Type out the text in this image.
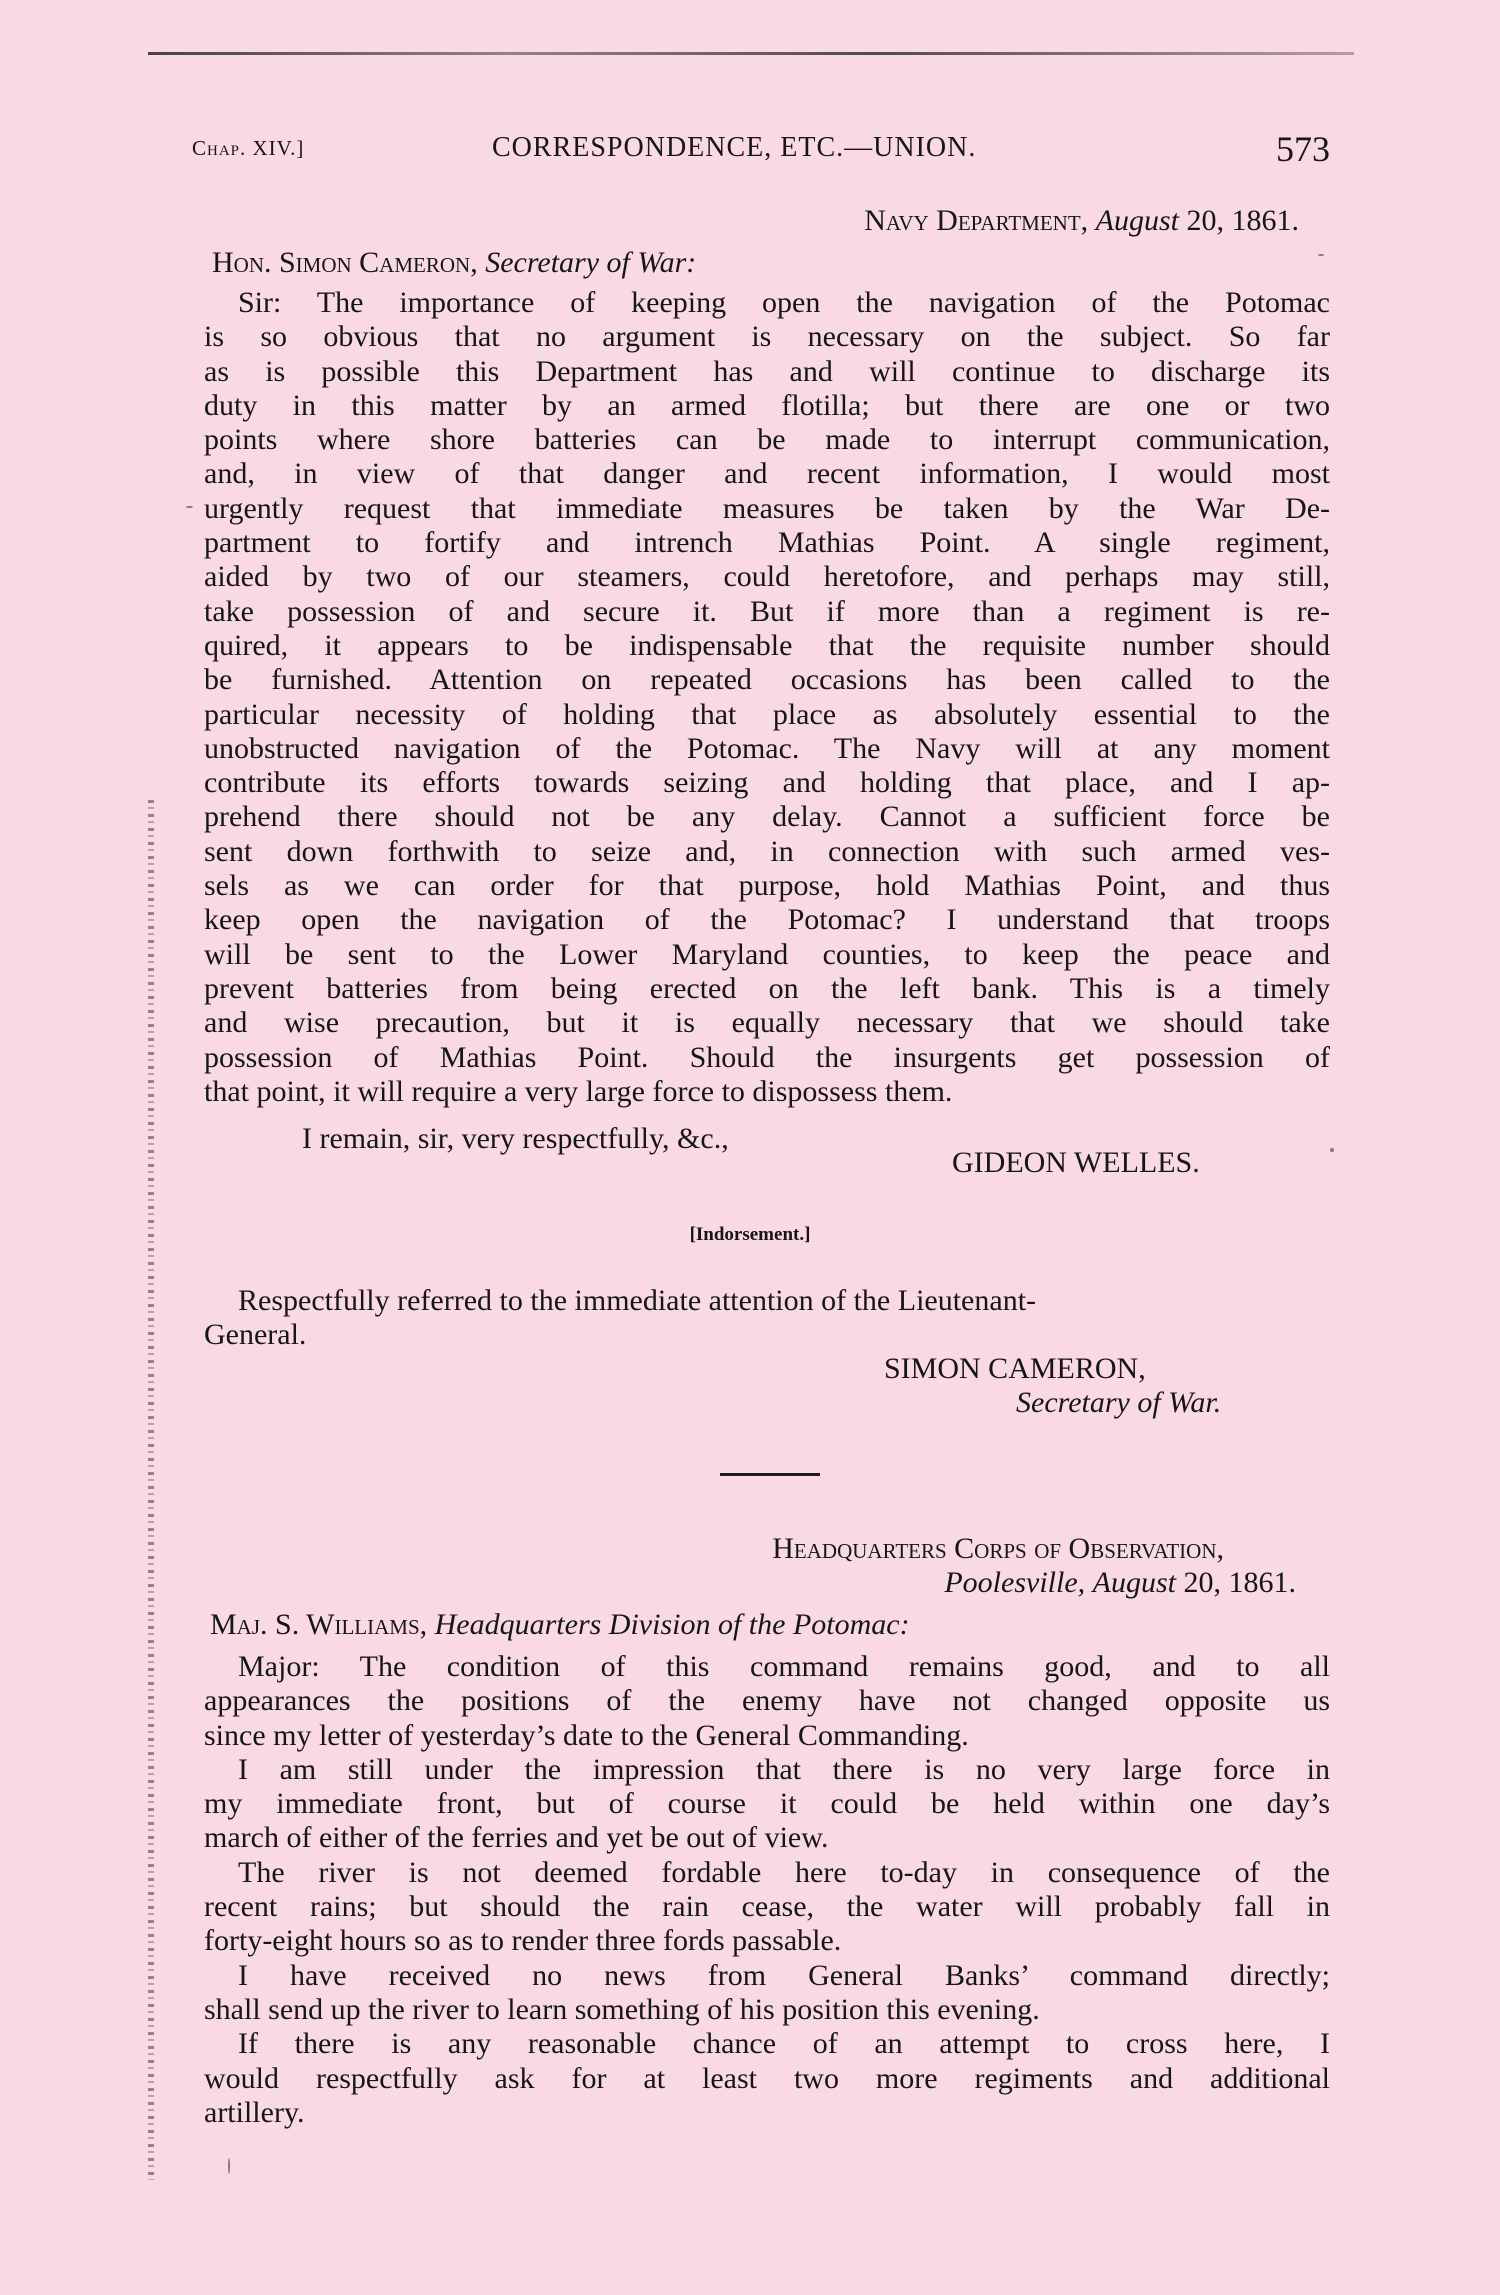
Chap. XIV.]	CORRESPONDENCE, ETC.—UNION.	573
Navy Department, August 20, 1861.
Hon. Simon Cameron, Secretary of War:
Sir: The importance of keeping open the navigation of the Potomac
is so obvious that no argument is necessary on the subject. So far
as is possible this Department has and will continue to discharge its
duty in this matter by an armed flotilla; but there are one or two
points where shore batteries can be made to interrupt communication,
and, in view of that danger and recent information, I would most
urgently request that immediate measures be taken by the War De-
partment to fortify and intrench Mathias Point. A single regiment,
aided by two of our steamers, could heretofore, and perhaps may still,
take possession of and secure it. But if more than a regiment is re-
quired, it appears to be indispensable that the requisite number should
be furnished. Attention on repeated occasions has been called to the
particular necessity of holding that place as absolutely essential to the
unobstructed navigation of the Potomac. The Navy will at any moment
contribute its efforts towards seizing and holding that place, and I ap-
prehend there should not be any delay. Cannot a sufficient force be
sent down forthwith to seize and, in connection with such armed ves-
sels as we can order for that purpose, hold Mathias Point, and thus
keep open the navigation of the Potomac? I understand that troops
will be sent to the Lower Maryland counties, to keep the peace and
prevent batteries from being erected on the left bank. This is a timely
and wise precaution, but it is equally necessary that we should take
possession of Mathias Point. Should the insurgents get possession of
that point, it will require a very large force to dispossess them.
I remain, sir, very respectfully, &c.,
GIDEON WELLES.
[Indorsement.]
Respectfully referred to the immediate attention of the Lieutenant-
General.
SIMON CAMERON,
Secretary of War.
Headquarters Corps of Observation,
Poolesville, August 20, 1861.
Maj. S. Williams, Headquarters Division of the Potomac:
Major: The condition of this command remains good, and to all
appearances the positions of the enemy have not changed opposite us
since my letter of yesterday’s date to the General Commanding.
I am still under the impression that there is no very large force in
my immediate front, but of course it could be held within one day’s
march of either of the ferries and yet be out of view.
The river is not deemed fordable here to-day in consequence of the
recent rains; but should the rain cease, the water will probably fall in
forty-eight hours so as to render three fords passable.
I have received no news from General Banks’ command directly;
shall send up the river to learn something of his position this evening.
If there is any reasonable chance of an attempt to cross here, I
would respectfully ask for at least two more regiments and additional
artillery.
